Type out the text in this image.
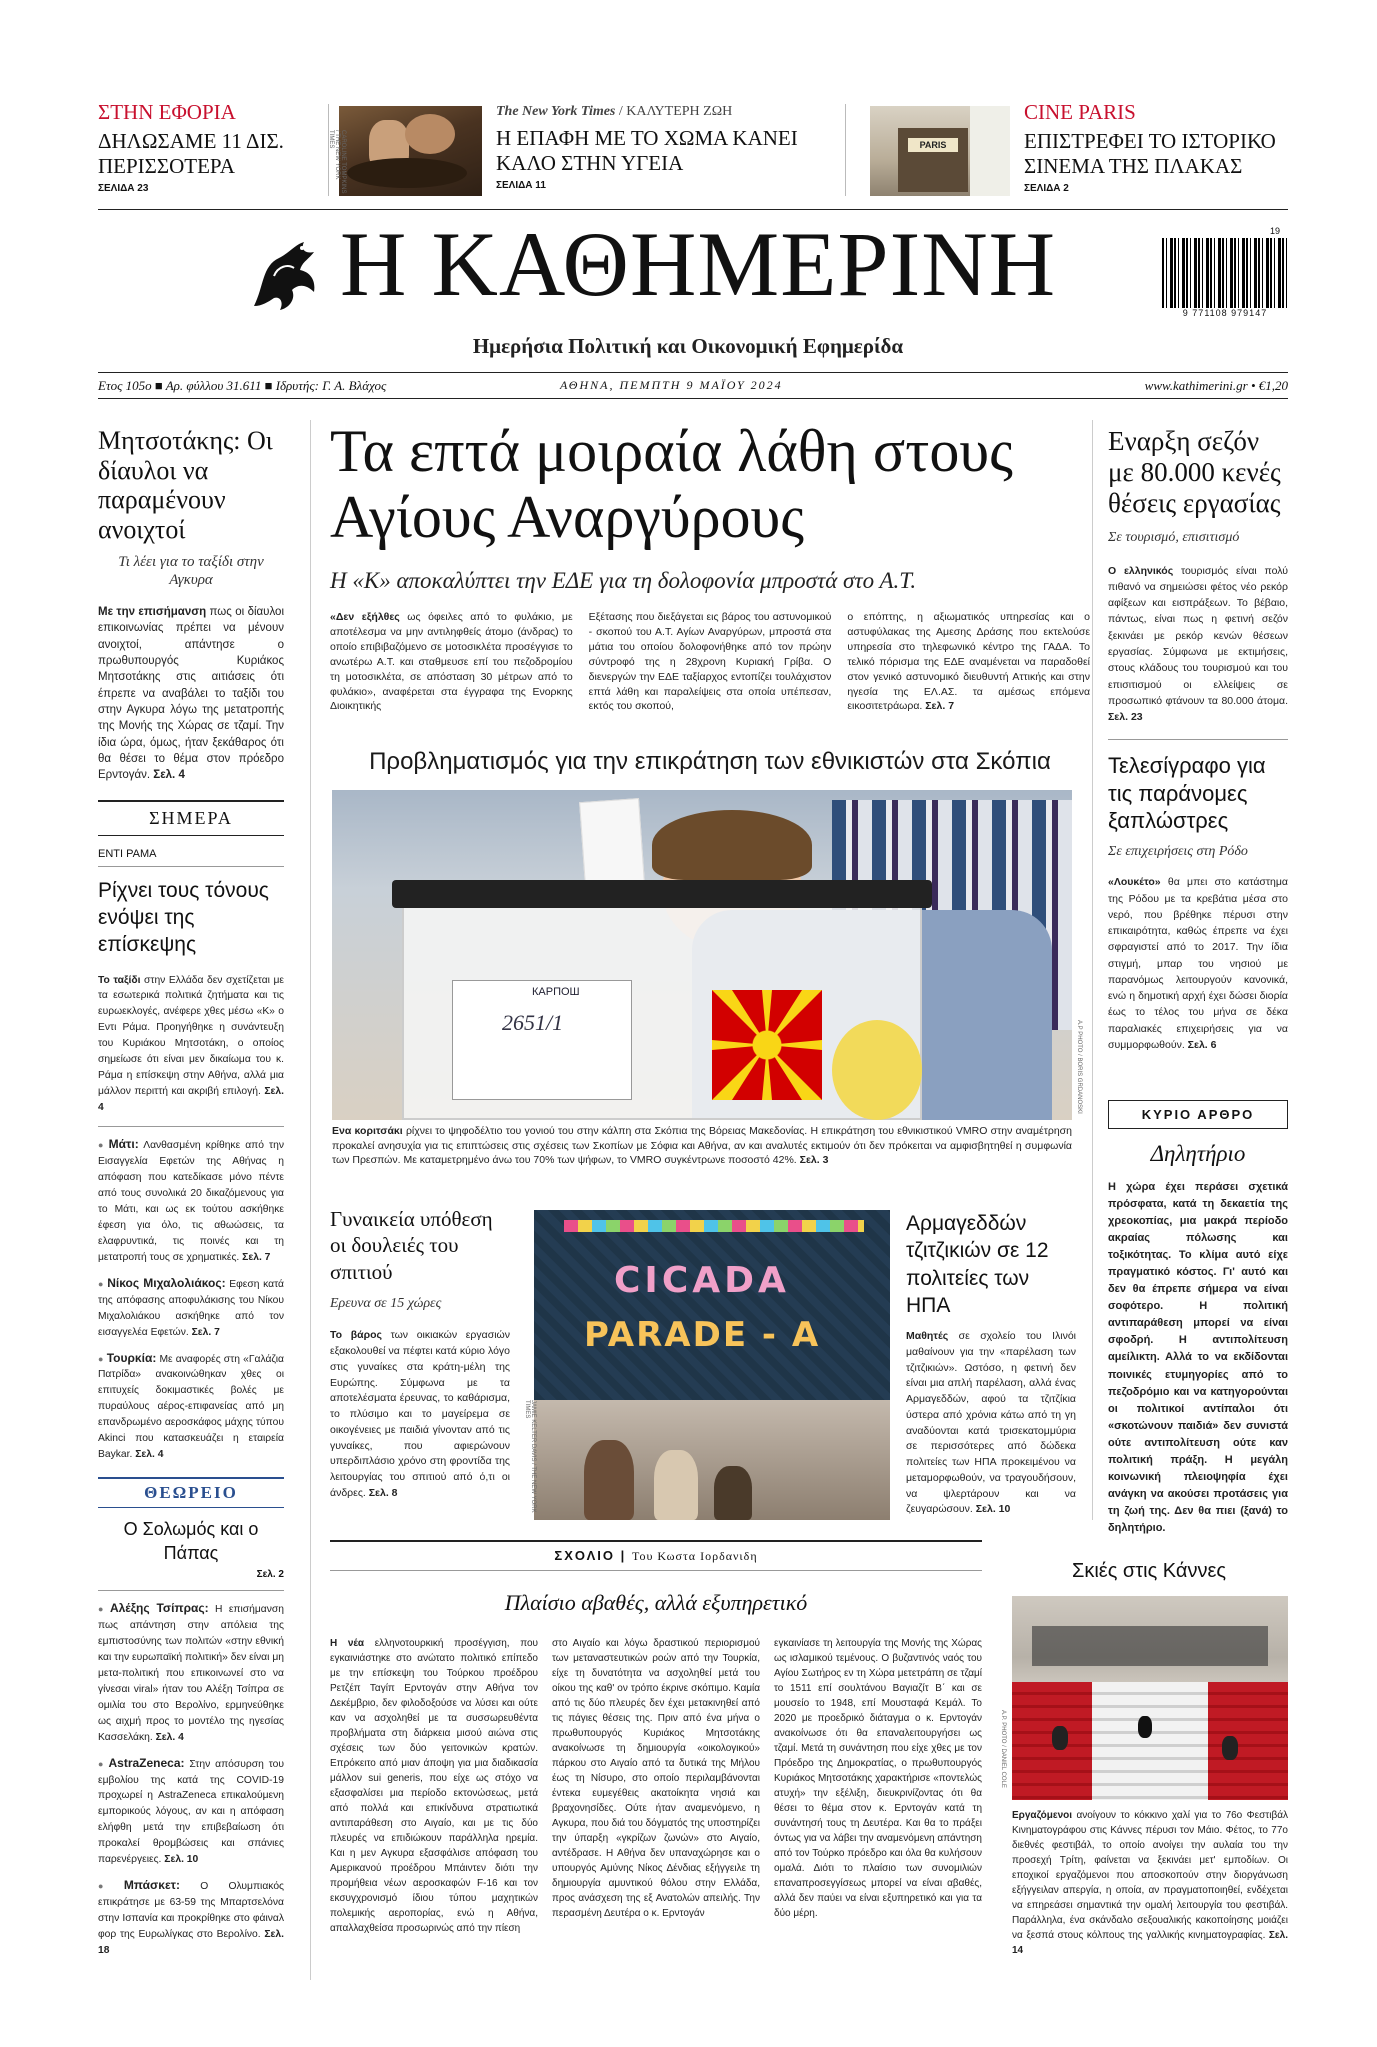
ΣΤΗΝ ΕΦΟΡΙΑ
ΔΗΛΩΣΑΜΕ 11 ΔΙΣ. ΠΕΡΙΣΣΟΤΕΡΑ
ΣΕΛΙΔΑ 23	CAROLINE TOMPKINS / THE NEW YORK TIMES
The New York Times / ΚΑΛΥΤΕΡΗ ΖΩΗ
Η ΕΠΑΦΗ ΜΕ ΤΟ ΧΩΜΑ ΚΑΝΕΙ ΚΑΛΟ ΣΤΗΝ ΥΓΕΙΑ
ΣΕΛΙΔΑ 11
PARIS
CINE PARIS
ΕΠΙΣΤΡΕΦΕΙ ΤΟ ΙΣΤΟΡΙΚΟ ΣΙΝΕΜΑ ΤΗΣ ΠΛΑΚΑΣ
ΣΕΛΙΔΑ 2
Η ΚΑΘΗΜΕΡΙΝΗ
Ημερήσια Πολιτική και Οικονομική Εφημερίδα
19
9 771108 979147
Ετος 105ο ■ Αρ. φύλλου 31.611 ■ Ιδρυτής: Γ. Α. Βλάχος	ΑΘΗΝΑ, ΠΕΜΠΤΗ 9 ΜΑΪΟΥ 2024	www.kathimerini.gr • €1,20
Μητσοτάκης: Οι δίαυλοι να παραμένουν ανοιχτοί
Τι λέει για το ταξίδι στην Αγκυρα
Με την επισήμανση πως οι δίαυλοι επικοινωνίας πρέπει να μένουν ανοιχτοί, απάντησε ο πρωθυπουργός Κυριάκος Μητσοτάκης στις αιτιάσεις ότι έπρεπε να αναβάλει το ταξίδι του στην Αγκυρα λόγω της μετατροπής της Μονής της Χώρας σε τζαμί. Την ίδια ώρα, όμως, ήταν ξεκάθαρος ότι θα θέσει το θέμα στον πρόεδρο Ερντογάν. Σελ. 4
ΣΗΜΕΡΑ
ΕΝΤΙ ΡΑΜΑ
Ρίχνει τους τόνους ενόψει της επίσκεψης
Το ταξίδι στην Ελλάδα δεν σχετίζεται με τα εσωτερικά πολιτικά ζητήματα και τις ευρωεκλογές, ανέφερε χθες μέσω «Κ» ο Εντι Ράμα. Προηγήθηκε η συνάντευξη του Κυριάκου Μητσοτάκη, ο οποίος σημείωσε ότι είναι μεν δικαίωμα του κ. Ράμα η επίσκεψη στην Αθήνα, αλλά μια μάλλον περιττή και ακριβή επιλογή. Σελ. 4
● Μάτι: Λανθασμένη κρίθηκε από την Εισαγγελία Εφετών της Αθήνας η απόφαση που κατεδίκασε μόνο πέντε από τους συνολικά 20 δικαζόμενους για το Μάτι, και ως εκ τούτου ασκήθηκε έφεση για όλο, τις αθωώσεις, τα ελαφρυντικά, τις ποινές και τη μετατροπή τους σε χρηματικές. Σελ. 7
● Νίκος Μιχαλολιάκος: Εφεση κατά της απόφασης αποφυλάκισης του Νίκου Μιχαλολιάκου ασκήθηκε από τον εισαγγελέα Εφετών. Σελ. 7
● Τουρκία: Με αναφορές στη «Γαλάζια Πατρίδα» ανακοινώθηκαν χθες οι επιτυχείς δοκιμαστικές βολές με πυραύλους αέρος-επιφανείας από μη επανδρωμένο αεροσκάφος μάχης τύπου Akinci που κατασκευάζει η εταιρεία Baykar. Σελ. 4
ΘΕΩΡΕΙΟ
Ο Σολωμός και ο Πάπας
Σελ. 2
● Αλέξης Τσίπρας: Η επισήμανση πως απάντηση στην απόλεια της εμπιστοσύνης των πολιτών «στην εθνική και την ευρωπαϊκή πολιτική» δεν είναι μη μετα-πολιτική που επικοινωνεί στο να γίνεσαι viral» ήταν του Αλέξη Τσίπρα σε ομιλία του στο Βερολίνο, ερμηνεύθηκε ως αιχμή προς το μοντέλο της ηγεσίας Κασσελάκη. Σελ. 4
● AstraZeneca: Στην απόσυρση του εμβολίου της κατά της COVID-19 προχωρεί η AstraZeneca επικαλούμενη εμπορικούς λόγους, αν και η απόφαση ελήφθη μετά την επιβεβαίωση ότι προκαλεί θρομβώσεις και σπάνιες παρενέργειες. Σελ. 10
● Μπάσκετ: Ο Ολυμπιακός επικράτησε με 63-59 της Μπαρτσελόνα στην Ισπανία και προκρίθηκε στο φάιναλ φορ της Ευρωλίγκας στο Βερολίνο. Σελ. 18
Τα επτά μοιραία λάθη στους Αγίους Αναργύρους
Η «Κ» αποκαλύπτει την ΕΔΕ για τη δολοφονία μπροστά στο Α.Τ.
«Δεν εξήλθες ως όφειλες από το φυλάκιο, με αποτέλεσμα να μην αντιληφθείς άτομο (άνδρας) το οποίο επιβιβαζόμενο σε μοτοσικλέτα προσέγγισε το ανωτέρω Α.Τ. και σταθμευσε επί του πεζοδρομίου τη μοτοσικλέτα, σε απόσταση 30 μέτρων από το φυλάκιο», αναφέρεται στα έγγραφα της Ενορκης Διοικητικής
Εξέτασης που διεξάγεται εις βάρος του αστυνομικού - σκοπού του Α.Τ. Αγίων Αναργύρων, μπροστά στα μάτια του οποίου δολοφονήθηκε από τον πρώην σύντροφό της η 28χρονη Κυριακή Γρίβα. Ο διενεργών την ΕΔΕ ταξίαρχος εντοπίζει τουλάχιστον επτά λάθη και παραλείψεις στα οποία υπέπεσαν, εκτός του σκοπού,
ο επόπτης, η αξιωματικός υπηρεσίας και ο αστυφύλακας της Αμεσης Δράσης που εκτελούσε υπηρεσία στο τηλεφωνικό κέντρο της ΓΑΔΑ. Το τελικό πόρισμα της ΕΔΕ αναμένεται να παραδοθεί στον γενικό αστυνομικό διευθυντή Αττικής και στην ηγεσία της ΕΛ.ΑΣ. τα αμέσως επόμενα εικοσιτετράωρα. Σελ. 7
Προβληματισμός για την επικράτηση των εθνικιστών στα Σκόπια
КАРПОШ
2651/1	A.P PHOTO / BORIS GRDANOSKI
Ενα κοριτσάκι ρίχνει το ψηφοδέλτιο του γονιού του στην κάλπη στα Σκόπια της Βόρειας Μακεδονίας. Η επικράτηση του εθνικιστικού VMRO στην αναμέτρηση προκαλεί ανησυχία για τις επιπτώσεις στις σχέσεις των Σκοπίων με Σόφια και Αθήνα, αν και αναλυτές εκτιμούν ότι δεν πρόκειται να αμφισβητηθεί η συμφωνία των Πρεσπών. Με καταμετρημένο άνω του 70% των ψήφων, το VMRO συγκέντρωνε ποσοστό 42%. Σελ. 3
Γυναικεία υπόθεση οι δουλειές του σπιτιού
Ερευνα σε 15 χώρες
Το βάρος των οικιακών εργασιών εξακολουθεί να πέφτει κατά κύριο λόγο στις γυναίκες στα κράτη-μέλη της Ευρώπης. Σύμφωνα με τα αποτελέσματα έρευνας, το καθάρισμα, το πλύσιμο και το μαγείρεμα σε οικογένειες με παιδιά γίνονταν από τις γυναίκες, που αφιερώνουν υπερδιπλάσιο χρόνο στη φροντίδα της λειτουργίας του σπιτιού από ό,τι οι άνδρες. Σελ. 8
CICADA
PARADE - A
JAMIE KELTER DAVIS / THE NEW YORK TIMES
Αρμαγεδδών τζιτζικιών σε 12 πολιτείες των ΗΠΑ
Μαθητές σε σχολείο του Ιλινόι μαθαίνουν για την «παρέλαση των τζιτζικιών». Ωστόσο, η φετινή δεν είναι μια απλή παρέλαση, αλλά ένας Αρμαγεδδών, αφού τα τζιτζίκια ύστερα από χρόνια κάτω από τη γη αναδύονται κατά τρισεκατομμύρια σε περισσότερες από δώδεκα πολιτείες των ΗΠΑ προκειμένου να μεταμορφωθούν, να τραγουδήσουν, να ψλερτάρουν και να ζευγαρώσουν. Σελ. 10
ΣΧΟΛΙΟ | Του Κωστα Ιορδανιδη
Πλαίσιο αβαθές, αλλά εξυπηρετικό
Η νέα ελληνοτουρκική προσέγγιση, που εγκαινιάστηκε στο ανώτατο πολιτικό επίπεδο με την επίσκεψη του Τούρκου προέδρου Ρετζέπ Ταγίπ Ερντογάν στην Αθήνα τον Δεκέμβριο, δεν φιλοδοξούσε να λύσει και ούτε καν να ασχοληθεί με τα συσσωρευθέντα προβλήματα στη διάρκεια μισού αιώνα στις σχέσεις των δύο γειτονικών κρατών. Επρόκειτο από μιαν άποψη για μια διαδικασία μάλλον sui generis, που είχε ως στόχο να εξασφαλίσει μια περίοδο εκτονώσεως, μετά από πολλά και επικίνδυνα στρατιωτικά αντιπαράθεση στο Αιγαίο, και με τις δύο πλευρές να επιδιώκουν παράλληλα ηρεμία. Και η μεν Αγκυρα εξασφάλισε απόφαση του Αμερικανού προέδρου Μπάιντεν διότι την προμήθεια νέων αεροσκαφών F-16 και τον εκσυγχρονισμό ίδιου τύπου μαχητικών πολεμικής αεροπορίας, ενώ η Αθήνα, απαλλαχθείσα προσωρινώς από την πίεση
στο Αιγαίο και λόγω δραστικού περιορισμού των μεταναστευτικών ροών από την Τουρκία, είχε τη δυνατότητα να ασχοληθεί μετά του οίκου της καθ' ον τρόπο έκρινε σκόπιμο. Καμία από τις δύο πλευρές δεν έχει μετακινηθεί από τις πάγιες θέσεις της. Πριν από ένα μήνα ο πρωθυπουργός Κυριάκος Μητσοτάκης ανακοίνωσε τη δημιουργία «οικολογικού» πάρκου στο Αιγαίο από τα δυτικά της Μήλου έως τη Νίσυρο, στο οποίο περιλαμβάνονται έντεκα ευμεγέθεις ακατοίκητα νησιά και βραχονησίδες. Ούτε ήταν αναμενόμενο, η Αγκυρα, που διά του δόγματός της υποστηρίζει την ύπαρξη «γκρίζων ζωνών» στο Αιγαίο, αντέδρασε. Η Αθήνα δεν υπαναχώρησε και ο υπουργός Αμύνης Νίκος Δένδιας εξήγγειλε τη δημιουργία αμυντικού θόλου στην Ελλάδα, προς ανάσχεση της εξ Ανατολών απειλής. Την περασμένη Δευτέρα ο κ. Ερντογάν
εγκαινίασε τη λειτουργία της Μονής της Χώρας ως ισλαμικού τεμένους. Ο βυζαντινός ναός του Αγίου Σωτήρος εν τη Χώρα μετετράπη σε τζαμί το 1511 επί σουλτάνου Βαγιαζίτ Β΄ και σε μουσείο το 1948, επί Μουσταφά Κεμάλ. Το 2020 με προεδρικό διάταγμα ο κ. Ερντογάν ανακοίνωσε ότι θα επαναλειτουργήσει ως τζαμί. Μετά τη συνάντηση που είχε χθες με τον Πρόεδρο της Δημοκρατίας, ο πρωθυπουργός Κυριάκος Μητσοτάκης χαρακτήρισε «ποντελώς ατυχή» την εξέλιξη, διευκρινίζοντας ότι θα θέσει το θέμα στον κ. Ερντογάν κατά τη συνάντησή τους τη Δευτέρα. Και θα το πράξει όντως για να λάβει την αναμενόμενη απάντηση από τον Τούρκο πρόεδρο και όλα θα κυλήσουν ομαλά. Διότι το πλαίσιο των συνομιλιών επαναπροσεγγίσεως μπορεί να είναι αβαθές, αλλά δεν παύει να είναι εξυπηρετικό και για τα δύο μέρη.
Εναρξη σεζόν με 80.000 κενές θέσεις εργασίας
Σε τουρισμό, επισιτισμό
Ο ελληνικός τουρισμός είναι πολύ πιθανό να σημειώσει φέτος νέο ρεκόρ αφίξεων και εισπράξεων. Το βέβαιο, πάντως, είναι πως η φετινή σεζόν ξεκινάει με ρεκόρ κενών θέσεων εργασίας. Σύμφωνα με εκτιμήσεις, στους κλάδους του τουρισμού και του επισιτισμού οι ελλείψεις σε προσωπικό φτάνουν τα 80.000 άτομα. Σελ. 23
Τελεσίγραφο για τις παράνομες ξαπλώστρες
Σε επιχειρήσεις στη Ρόδο
«Λουκέτο» θα μπει στο κατάστημα της Ρόδου με τα κρεβάτια μέσα στο νερό, που βρέθηκε πέρυσι στην επικαιρότητα, καθώς έπρεπε να έχει σφραγιστεί από το 2017. Την ίδια στιγμή, μπαρ του νησιού με παρανόμως λειτουργούν κανονικά, ενώ η δημοτική αρχή έχει δώσει διορία έως το τέλος του μήνα σε δέκα παραλιακές επιχειρήσεις για να συμμορφωθούν. Σελ. 6
ΚΥΡΙΟ ΑΡΘΡΟ
Δηλητήριο
Η χώρα έχει περάσει σχετικά πρόσφατα, κατά τη δεκαετία της χρεοκοπίας, μια μακρά περίοδο ακραίας πόλωσης και τοξικότητας. Το κλίμα αυτό είχε πραγματικό κόστος. Γι' αυτό και δεν θα έπρεπε σήμερα να είναι σοφότερο. Η πολιτική αντιπαράθεση μπορεί να είναι σφοδρή. Η αντιπολίτευση αμείλικτη. Αλλά το να εκδίδονται ποινικές ετυμηγορίες από το πεζοδρόμιο και να κατηγορούνται οι πολιτικοί αντίπαλοι ότι «σκοτώνουν παιδιά» δεν συνιστά ούτε αντιπολίτευση ούτε καν πολιτική πράξη. Η μεγάλη κοινωνική πλειοψηφία έχει ανάγκη να ακούσει προτάσεις για τη ζωή της. Δεν θα πιει (ξανά) το δηλητήριο.
Σκιές στις Κάννες
A.P. PHOTO / DANIEL COLE
Εργαζόμενοι ανοίγουν το κόκκινο χαλί για το 76ο Φεστιβάλ Κινηματογράφου στις Κάννες πέρυσι τον Μάιο. Φέτος, το 77ο διεθνές φεστιβάλ, το οποίο ανοίγει την αυλαία του την προσεχή Τρίτη, φαίνεται να ξεκινάει μετ' εμποδίων. Οι εποχικοί εργαζόμενοι που αποσκοπούν στην διοργάνωση εξήγγειλαν απεργία, η οποία, αν πραγματοποιηθεί, ενδέχεται να επηρεάσει σημαντικά την ομαλή λειτουργία του φεστιβάλ. Παράλληλα, ένα σκάνδαλο σεξουαλικής κακοποίησης μοιάζει να ξεσπά στους κόλπους της γαλλικής κινηματογραφίας. Σελ. 14
